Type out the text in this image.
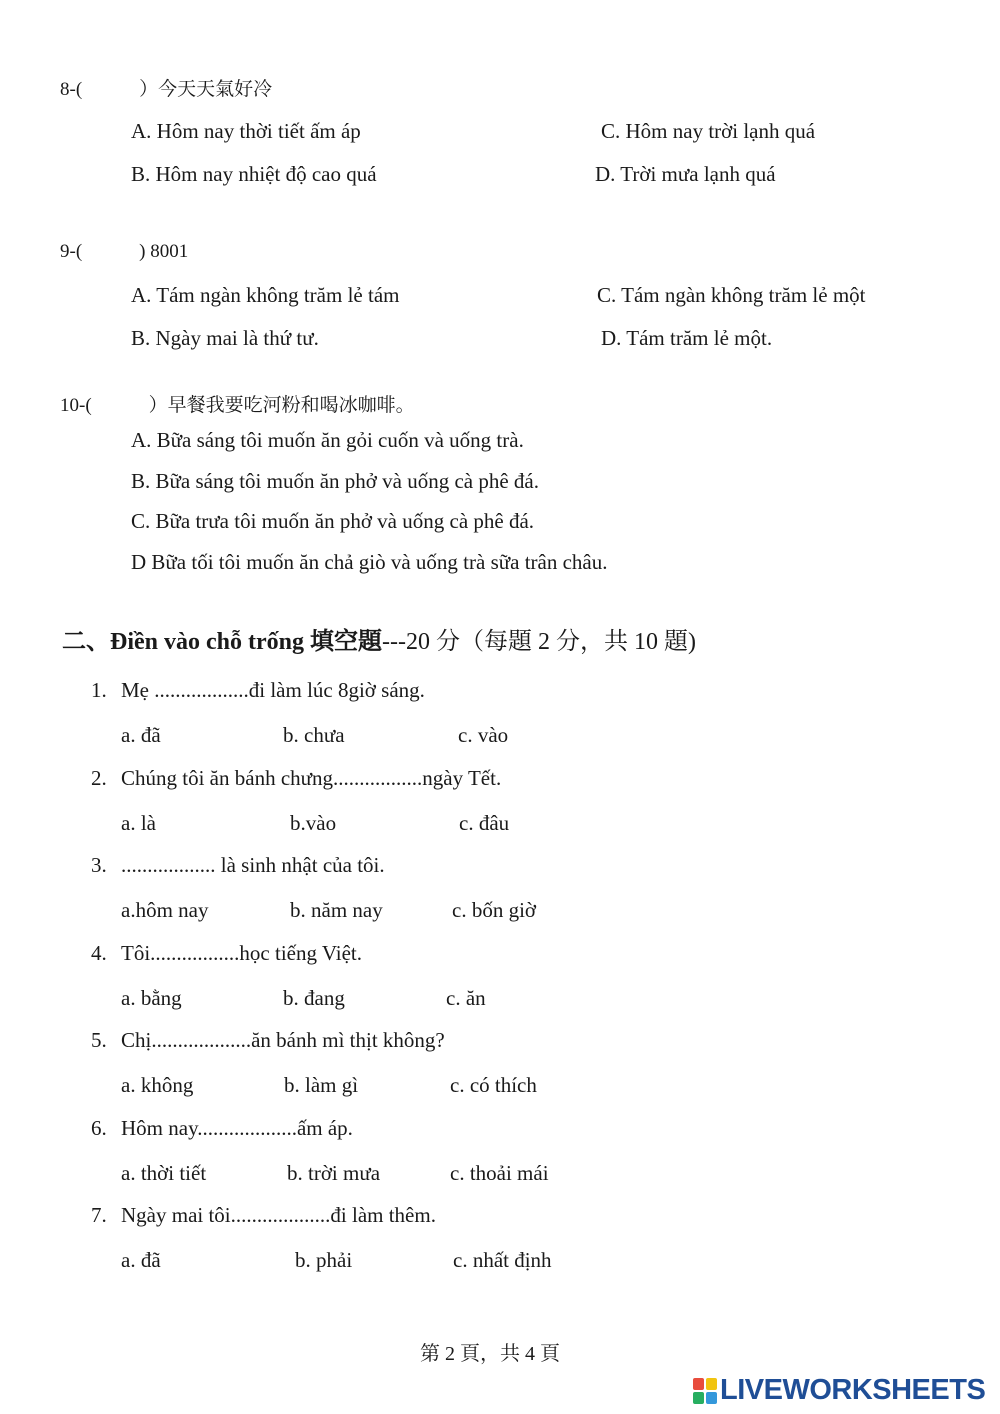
8-(　　　）今天天氣好冷
A. Hôm nay thời tiết ấm áp
B. Hôm nay nhiệt độ cao quá
C. Hôm nay trời lạnh quá
D. Trời mưa lạnh quá
9-(　　　) 8001
A. Tám ngàn không trăm lẻ tám
B. Ngày mai là thứ tư.
C. Tám ngàn không trăm lẻ một
D. Tám trăm lẻ một.
10-(　　　）早餐我要吃河粉和喝冰咖啡。
A. Bữa sáng tôi muốn ăn gỏi cuốn và uống trà.
B. Bữa sáng tôi muốn ăn phở và uống cà phê đá.
C. Bữa trưa tôi muốn ăn phở và uống cà phê đá.
D Bữa tối tôi muốn ăn chả giò và uống trà sữa trân châu.
二、Điền vào chỗ trống 填空題---20 分（每題 2 分，共 10 題)
1. Mẹ ..................đi làm lúc 8giờ sáng.
a. đã	b. chưa	c. vào
2. Chúng tôi ăn bánh chưng.................ngày Tết.
a. là	b.vào	c. đâu
3. .................. là sinh nhật của tôi.
a.hôm nay	b. năm nay	c. bốn giờ
4. Tôi.................học tiếng Việt.
a. bằng	b. đang	c. ăn
5. Chị...................ăn bánh mì thịt không?
a. không	b. làm gì	c. có thích
6. Hôm nay...................ấm áp.
a. thời tiết	b. trời mưa	c. thoải mái
7. Ngày mai tôi...................đi làm thêm.
a. đã	b. phải	c. nhất định
第 2 頁，共 4 頁
LIVEWORKSHEETS
